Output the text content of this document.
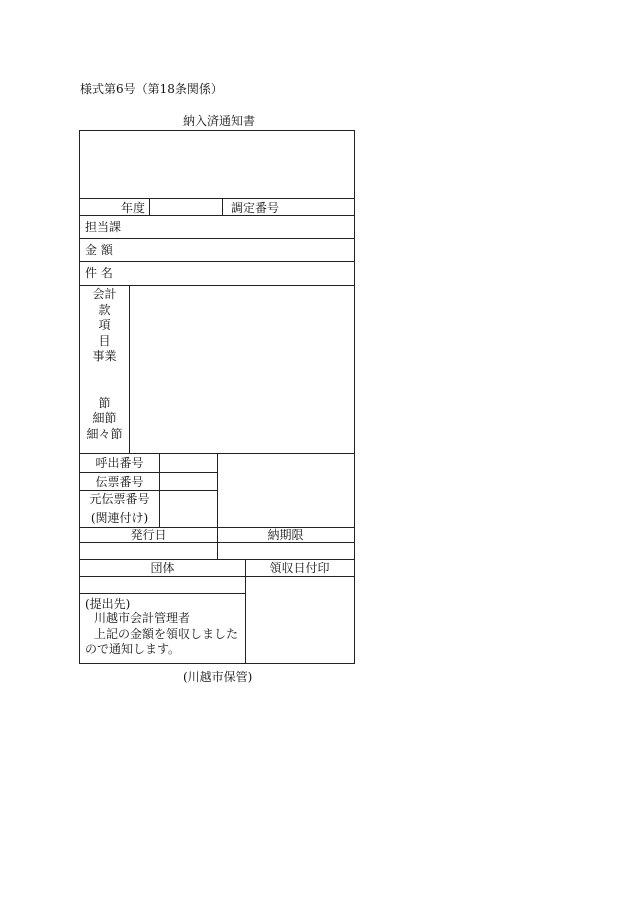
様式第6号（第18条関係）
納入済通知書
年度	調定番号
担当課
金 額
件 名
会計
款
項
目
事業

節
細節
細々節
呼出番号
伝票番号
元伝票番号
(関連付け)
発行日	納期限
団体	領収日付印
(提出先)
川越市会計管理者
上記の金額を領収しました
ので通知します。
(川越市保管)
